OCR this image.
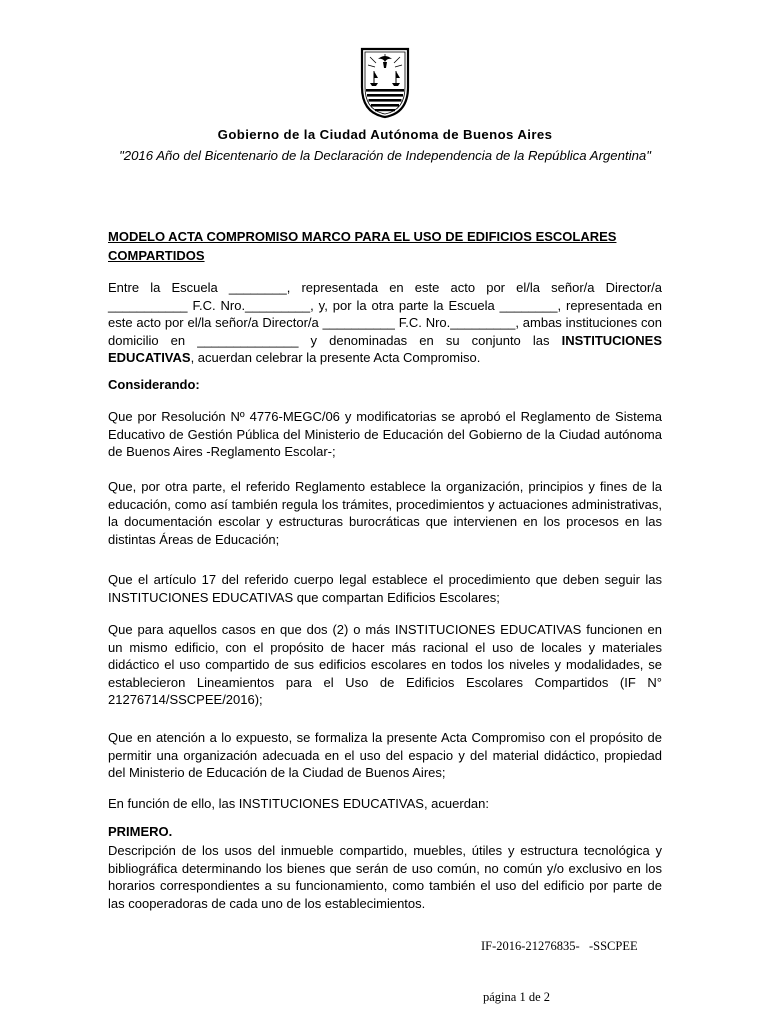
Gobierno de la Ciudad Autónoma de Buenos Aires
"2016 Año del Bicentenario de la Declaración de Independencia de la República Argentina"
MODELO ACTA COMPROMISO MARCO PARA EL USO DE EDIFICIOS ESCOLARES COMPARTIDOS

Entre la Escuela ________, representada en este acto por el/la señor/a Director/a ___________ F.C. Nro._________, y, por la otra parte la Escuela ________, representada en este acto por el/la señor/a Director/a __________ F.C. Nro._________, ambas instituciones con domicilio en ______________ y denominadas en su conjunto las INSTITUCIONES EDUCATIVAS, acuerdan celebrar la presente Acta Compromiso.

Considerando:

Que por Resolución Nº 4776-MEGC/06 y modificatorias se aprobó el Reglamento de Sistema Educativo de Gestión Pública del Ministerio de Educación del Gobierno de la Ciudad autónoma de Buenos Aires -Reglamento Escolar-;

Que, por otra parte, el referido Reglamento establece la organización, principios y fines de la educación, como así también regula los trámites, procedimientos y actuaciones administrativas, la documentación escolar y estructuras burocráticas que intervienen en los procesos en las distintas Áreas de Educación;

Que el artículo 17 del referido cuerpo legal establece el procedimiento que deben seguir las INSTITUCIONES EDUCATIVAS que compartan Edificios Escolares;

Que para aquellos casos en que dos (2) o más INSTITUCIONES EDUCATIVAS funcionen en un mismo edificio, con el propósito de hacer más racional el uso de locales y materiales didáctico el uso compartido de sus edificios escolares en todos los niveles y modalidades, se establecieron Lineamientos para el Uso de Edificios Escolares Compartidos (IF N° 21276714/SSCPEE/2016);

Que en atención a lo expuesto, se formaliza la presente Acta Compromiso con el propósito de permitir una organización adecuada en el uso del espacio y del material didáctico, propiedad del Ministerio de Educación de la Ciudad de Buenos Aires;

En función de ello, las INSTITUCIONES EDUCATIVAS, acuerdan:

PRIMERO.

Descripción de los usos del inmueble compartido, muebles, útiles y estructura tecnológica y bibliográfica determinando los bienes que serán de uso común, no común y/o exclusivo en los horarios correspondientes a su funcionamiento, como también el uso del edificio por parte de las cooperadoras de cada uno de los establecimientos.

IF-2016-21276835-   -SSCPEE
página 1 de 2
